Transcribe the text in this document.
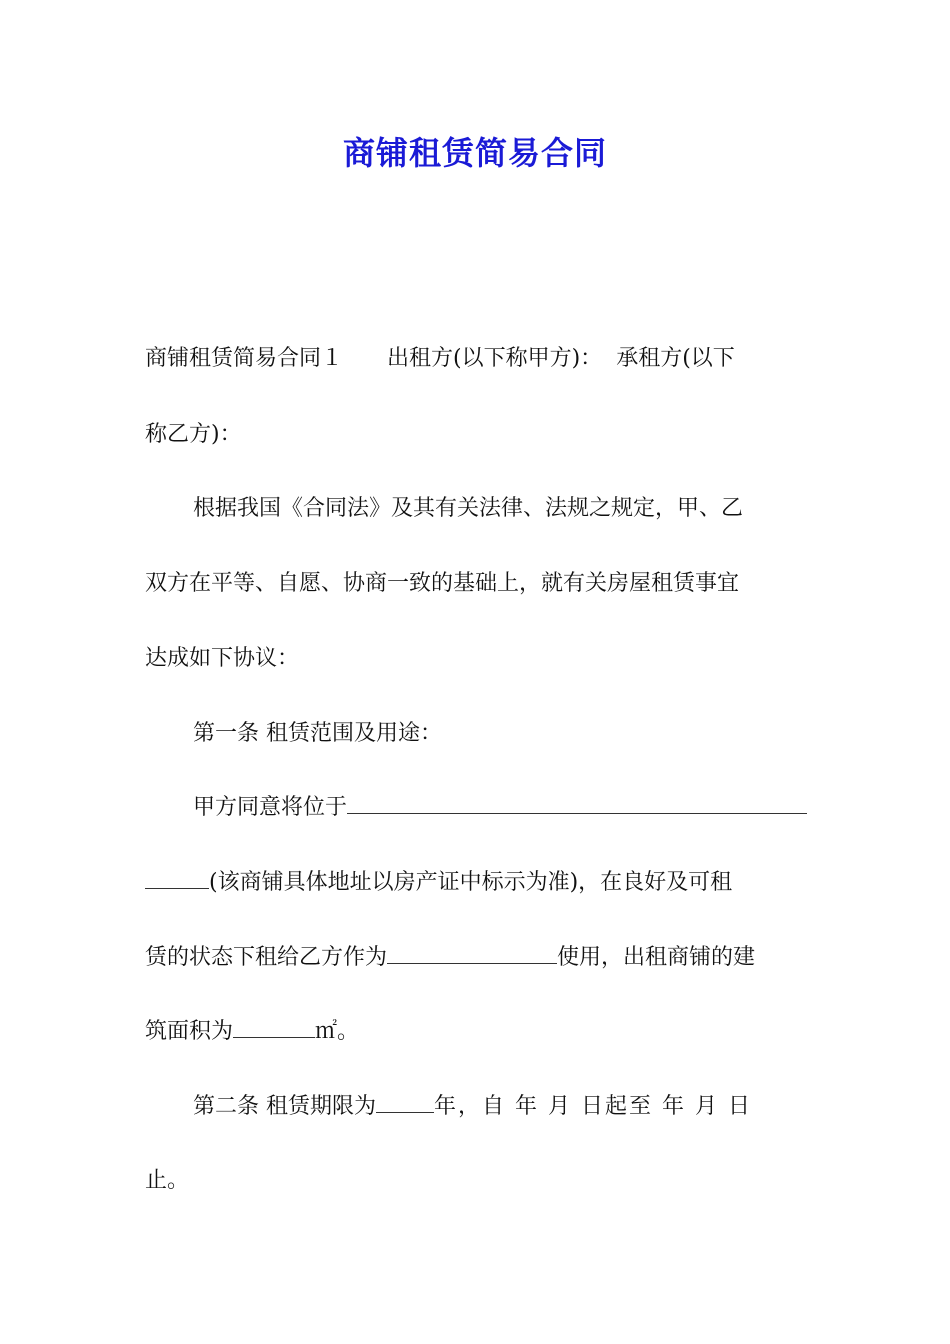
商铺租赁简易合同
商铺租赁简易合同１ 出租方(以下称甲方)： 承租方(以下
称乙方)：
根据我国《合同法》及其有关法律、法规之规定，甲、乙
双方在平等、自愿、协商一致的基础上，就有关房屋租赁事宜
达成如下协议：
第一条 租赁范围及用途：
甲方同意将位于
(该商铺具体地址以房产证中标示为准)，在良好及可租
赁的状态下租给乙方作为	使用，出租商铺的建
筑面积为	㎡。
第二条 租赁期限为	年，自 年 月 日起至 年 月 日
止。
